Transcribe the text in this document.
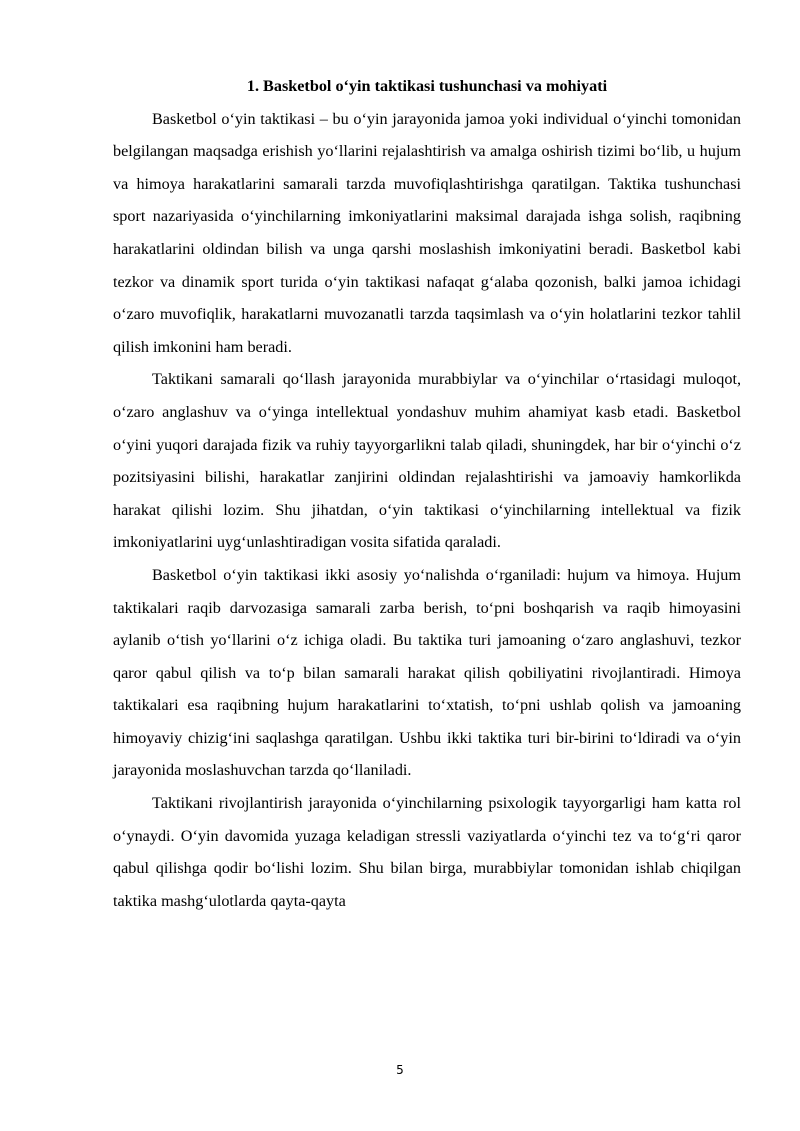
1. Basketbol o‘yin taktikasi tushunchasi va mohiyati

Basketbol o‘yin taktikasi – bu o‘yin jarayonida jamoa yoki individual o‘yinchi tomonidan belgilangan maqsadga erishish yo‘llarini rejalashtirish va amalga oshirish tizimi bo‘lib, u hujum va himoya harakatlarini samarali tarzda muvofiqlashtirishga qaratilgan. Taktika tushunchasi sport nazariyasida o‘yinchilarning imkoniyatlarini maksimal darajada ishga solish, raqibning harakatlarini oldindan bilish va unga qarshi moslashish imkoniyatini beradi. Basketbol kabi tezkor va dinamik sport turida o‘yin taktikasi nafaqat g‘alaba qozonish, balki jamoa ichidagi o‘zaro muvofiqlik, harakatlarni muvozanatli tarzda taqsimlash va o‘yin holatlarini tezkor tahlil qilish imkonini ham beradi.

Taktikani samarali qo‘llash jarayonida murabbiylar va o‘yinchilar o‘rtasidagi muloqot, o‘zaro anglashuv va o‘yinga intellektual yondashuv muhim ahamiyat kasb etadi. Basketbol o‘yini yuqori darajada fizik va ruhiy tayyorgarlikni talab qiladi, shuningdek, har bir o‘yinchi o‘z pozitsiyasini bilishi, harakatlar zanjirini oldindan rejalashtirishi va jamoaviy hamkorlikda harakat qilishi lozim. Shu jihatdan, o‘yin taktikasi o‘yinchilarning intellektual va fizik imkoniyatlarini uyg‘unlashtiradigan vosita sifatida qaraladi.

Basketbol o‘yin taktikasi ikki asosiy yo‘nalishda o‘rganiladi: hujum va himoya. Hujum taktikalari raqib darvozasiga samarali zarba berish, to‘pni boshqarish va raqib himoyasini aylanib o‘tish yo‘llarini o‘z ichiga oladi. Bu taktika turi jamoaning o‘zaro anglashuvi, tezkor qaror qabul qilish va to‘p bilan samarali harakat qilish qobiliyatini rivojlantiradi. Himoya taktikalari esa raqibning hujum harakatlarini to‘xtatish, to‘pni ushlab qolish va jamoaning himoyaviy chizig‘ini saqlashga qaratilgan. Ushbu ikki taktika turi bir-birini to‘ldiradi va o‘yin jarayonida moslashuvchan tarzda qo‘llaniladi.

Taktikani rivojlantirish jarayonida o‘yinchilarning psixologik tayyorgarligi ham katta rol o‘ynaydi. O‘yin davomida yuzaga keladigan stressli vaziyatlarda o‘yinchi tez va to‘g‘ri qaror qabul qilishga qodir bo‘lishi lozim. Shu bilan birga, murabbiylar tomonidan ishlab chiqilgan taktika mashg‘ulotlarda qayta-qayta

5
